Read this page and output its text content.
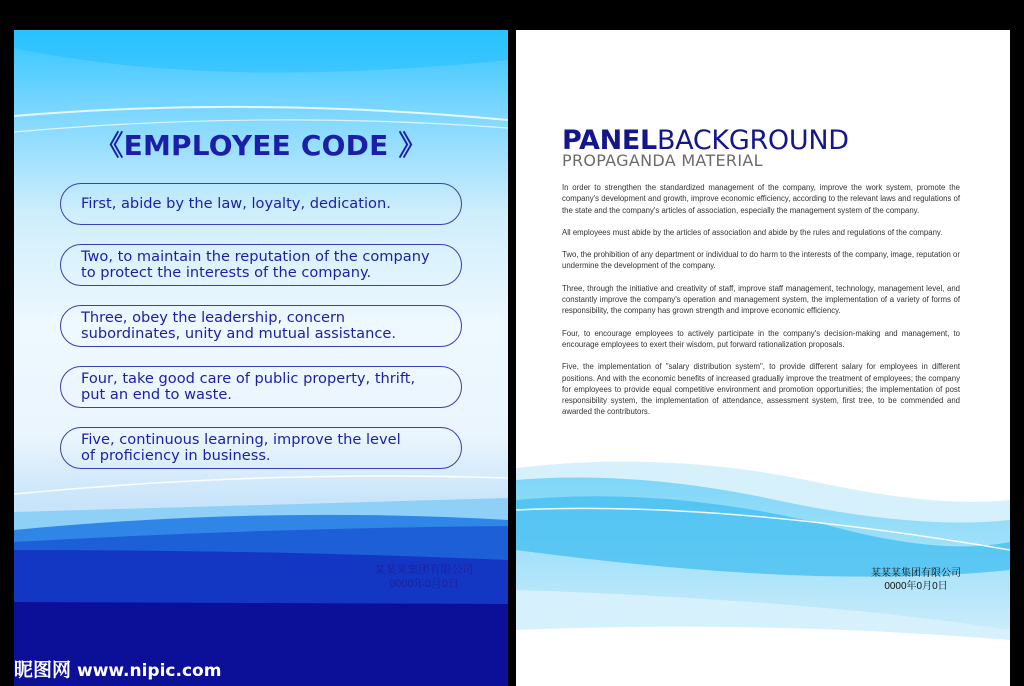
《EMPLOYEE CODE 》
First, abide by the law, loyalty, dedication.
Two, to maintain the reputation of the company
to protect the interests of the company.
Three, obey the leadership, concern
subordinates, unity and mutual assistance.
Four, take good care of public property, thrift,
put an end to waste.
Five, continuous learning, improve the level
of proficiency in business.
某某某集团有限公司
0000年0月0日
PANELBACKGROUND
PROPAGANDA MATERIAL

In order to strengthen the standardized management of the company, improve the work system, promote the company's development and growth, improve economic efficiency, according to the relevant laws and regulations of the state and the company's articles of association, especially the management system of the company.

All employees must abide by the articles of association and abide by the rules and regulations of the company.

Two, the prohibition of any department or individual to do harm to the interests of the company, image, reputation or undermine the development of the company.

Three, through the initiative and creativity of staff, improve staff management, technology, management level, and constantly improve the company's operation and management system, the implementation of a variety of forms of responsibility, the company has grown strength and improve economic efficiency.

Four, to encourage employees to actively participate in the company's decision-making and management, to encourage employees to exert their wisdom, put forward rationalization proposals.

Five, the implementation of "salary distribution system", to provide different salary for employees in different positions. And with the economic benefits of increased gradually improve the treatment of employees; the company for employees to provide equal competitive environment and promotion opportunities; the implementation of post responsibility system, the implementation of attendance, assessment system, first tree, to be commended and awarded the contributors.

某某某集团有限公司
0000年0月0日
昵图网 www.nipic.com	ID:8533399 NO:20170810111912248000
